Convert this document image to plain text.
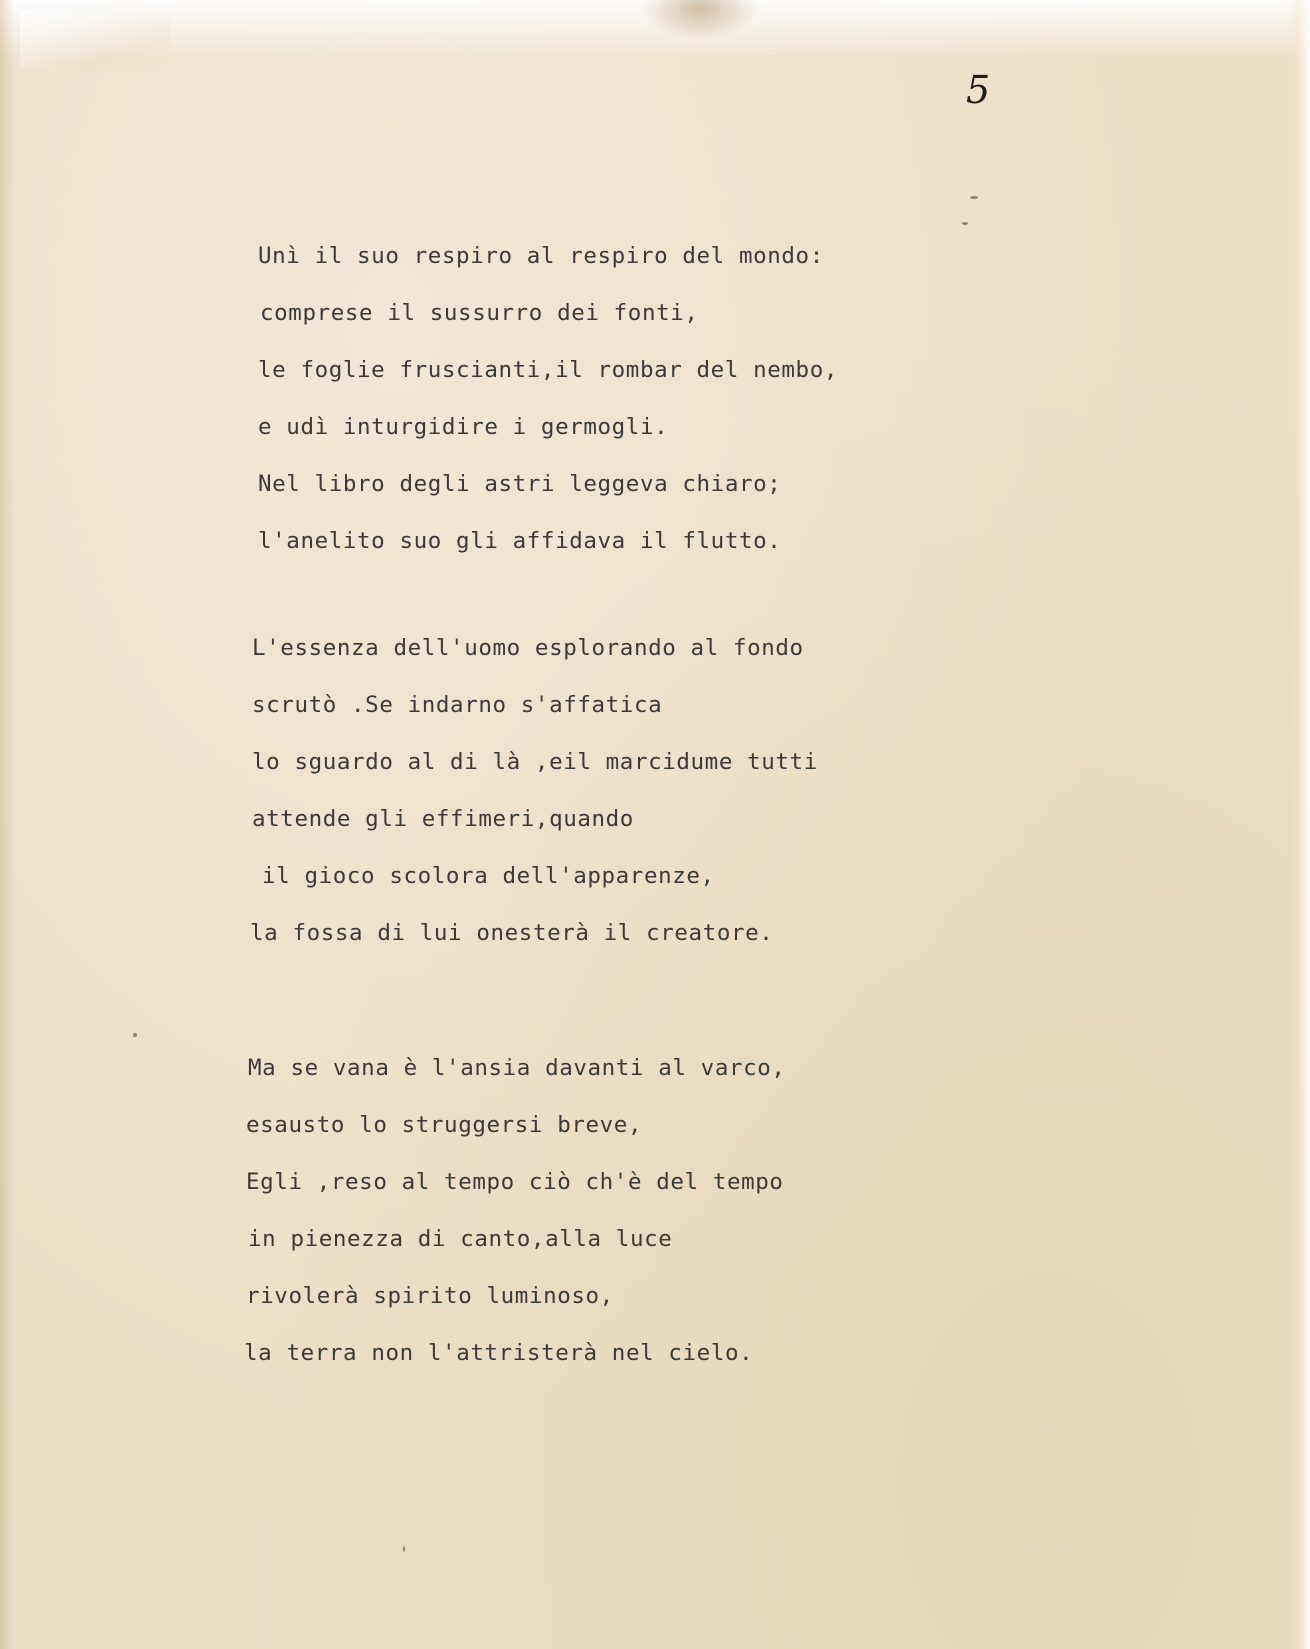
5

Unì il suo respiro al respiro del mondo:

comprese il sussurro dei fonti,

le foglie fruscianti,il rombar del nembo,

e udì inturgidire i germogli.

Nel libro degli astri leggeva chiaro;

l'anelito suo gli affidava il flutto.

L'essenza dell'uomo esplorando al fondo

scrutò .Se indarno s'affatica

lo sguardo al di là ,eil marcidume tutti

attende gli effimeri,quando

il gioco scolora dell'apparenze,

la fossa di lui onesterà il creatore.

Ma se vana è l'ansia davanti al varco,

esausto lo struggersi breve,

Egli ,reso al tempo ciò ch'è del tempo

in pienezza di canto,alla luce

rivolerà spirito luminoso,

la terra non l'attristerà nel cielo.
